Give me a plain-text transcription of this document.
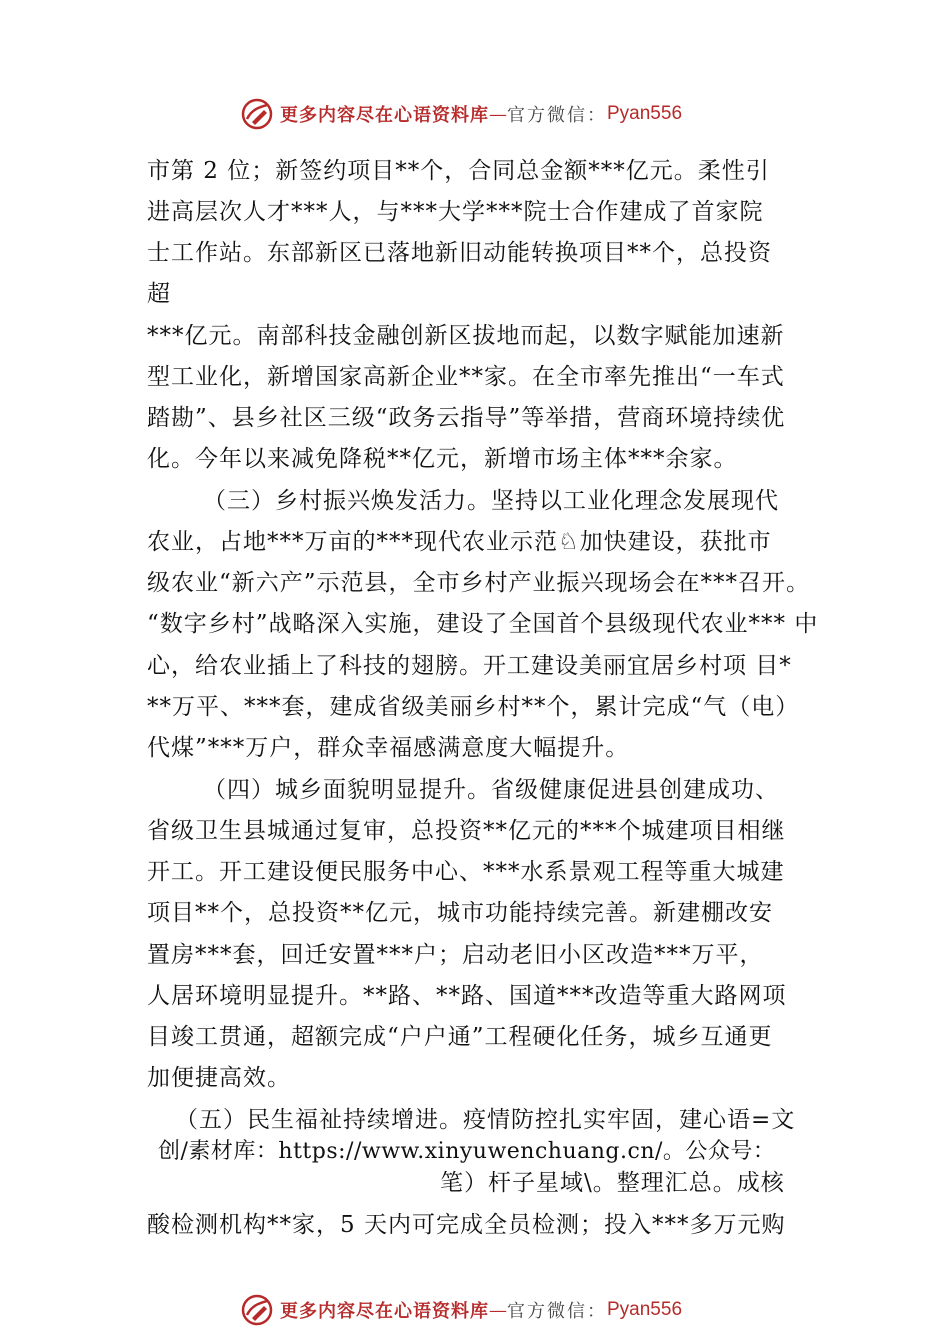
更多内容尽在心语资料库 — 官方微信： Pyan556
市第 2 位；新签约项目**个，合同总金额***亿元。柔性引
进高层次人才***人，与***大学***院士合作建成了首家院
士工作站。东部新区已落地新旧动能转换项目**个，总投资
超
***亿元。南部科技金融创新区拔地而起，以数字赋能加速新
型工业化，新增国家高新企业**家。在全市率先推出“一车式
踏勘”、县乡社区三级“政务云指导”等举措，营商环境持续优
化。今年以来减免降税**亿元，新增市场主体***余家。
（三）乡村振兴焕发活力。坚持以工业化理念发展现代
农业，占地***万亩的***现代农业示范♘加快建设，获批市
级农业“新六产”示范县，全市乡村产业振兴现场会在***召开。
“数字乡村”战略深入实施，建设了全国首个县级现代农业*** 中
心，给农业插上了科技的翅膀。开工建设美丽宜居乡村项 目*
**万平、***套，建成省级美丽乡村**个，累计完成“气（电）
代煤”***万户，群众幸福感满意度大幅提升。
（四）城乡面貌明显提升。省级健康促进县创建成功、
省级卫生县城通过复审，总投资**亿元的***个城建项目相继
开工。开工建设便民服务中心、***水系景观工程等重大城建
项目**个，总投资**亿元，城市功能持续完善。新建棚改安
置房***套，回迁安置***户；启动老旧小区改造***万平，
人居环境明显提升。**路、**路、国道***改造等重大路网项
目竣工贯通，超额完成“户户通”工程硬化任务，城乡互通更
加便捷高效。
（五）民生福祉持续增进。疫情防控扎实牢固，建心语=文
创/素材库：https://www.xinyuwenchuang.cn/。公众号：
笔）杆子星域\。整理汇总。成核
酸检测机构**家，5 天内可完成全员检测；投入***多万元购
更多内容尽在心语资料库 — 官方微信： Pyan556
